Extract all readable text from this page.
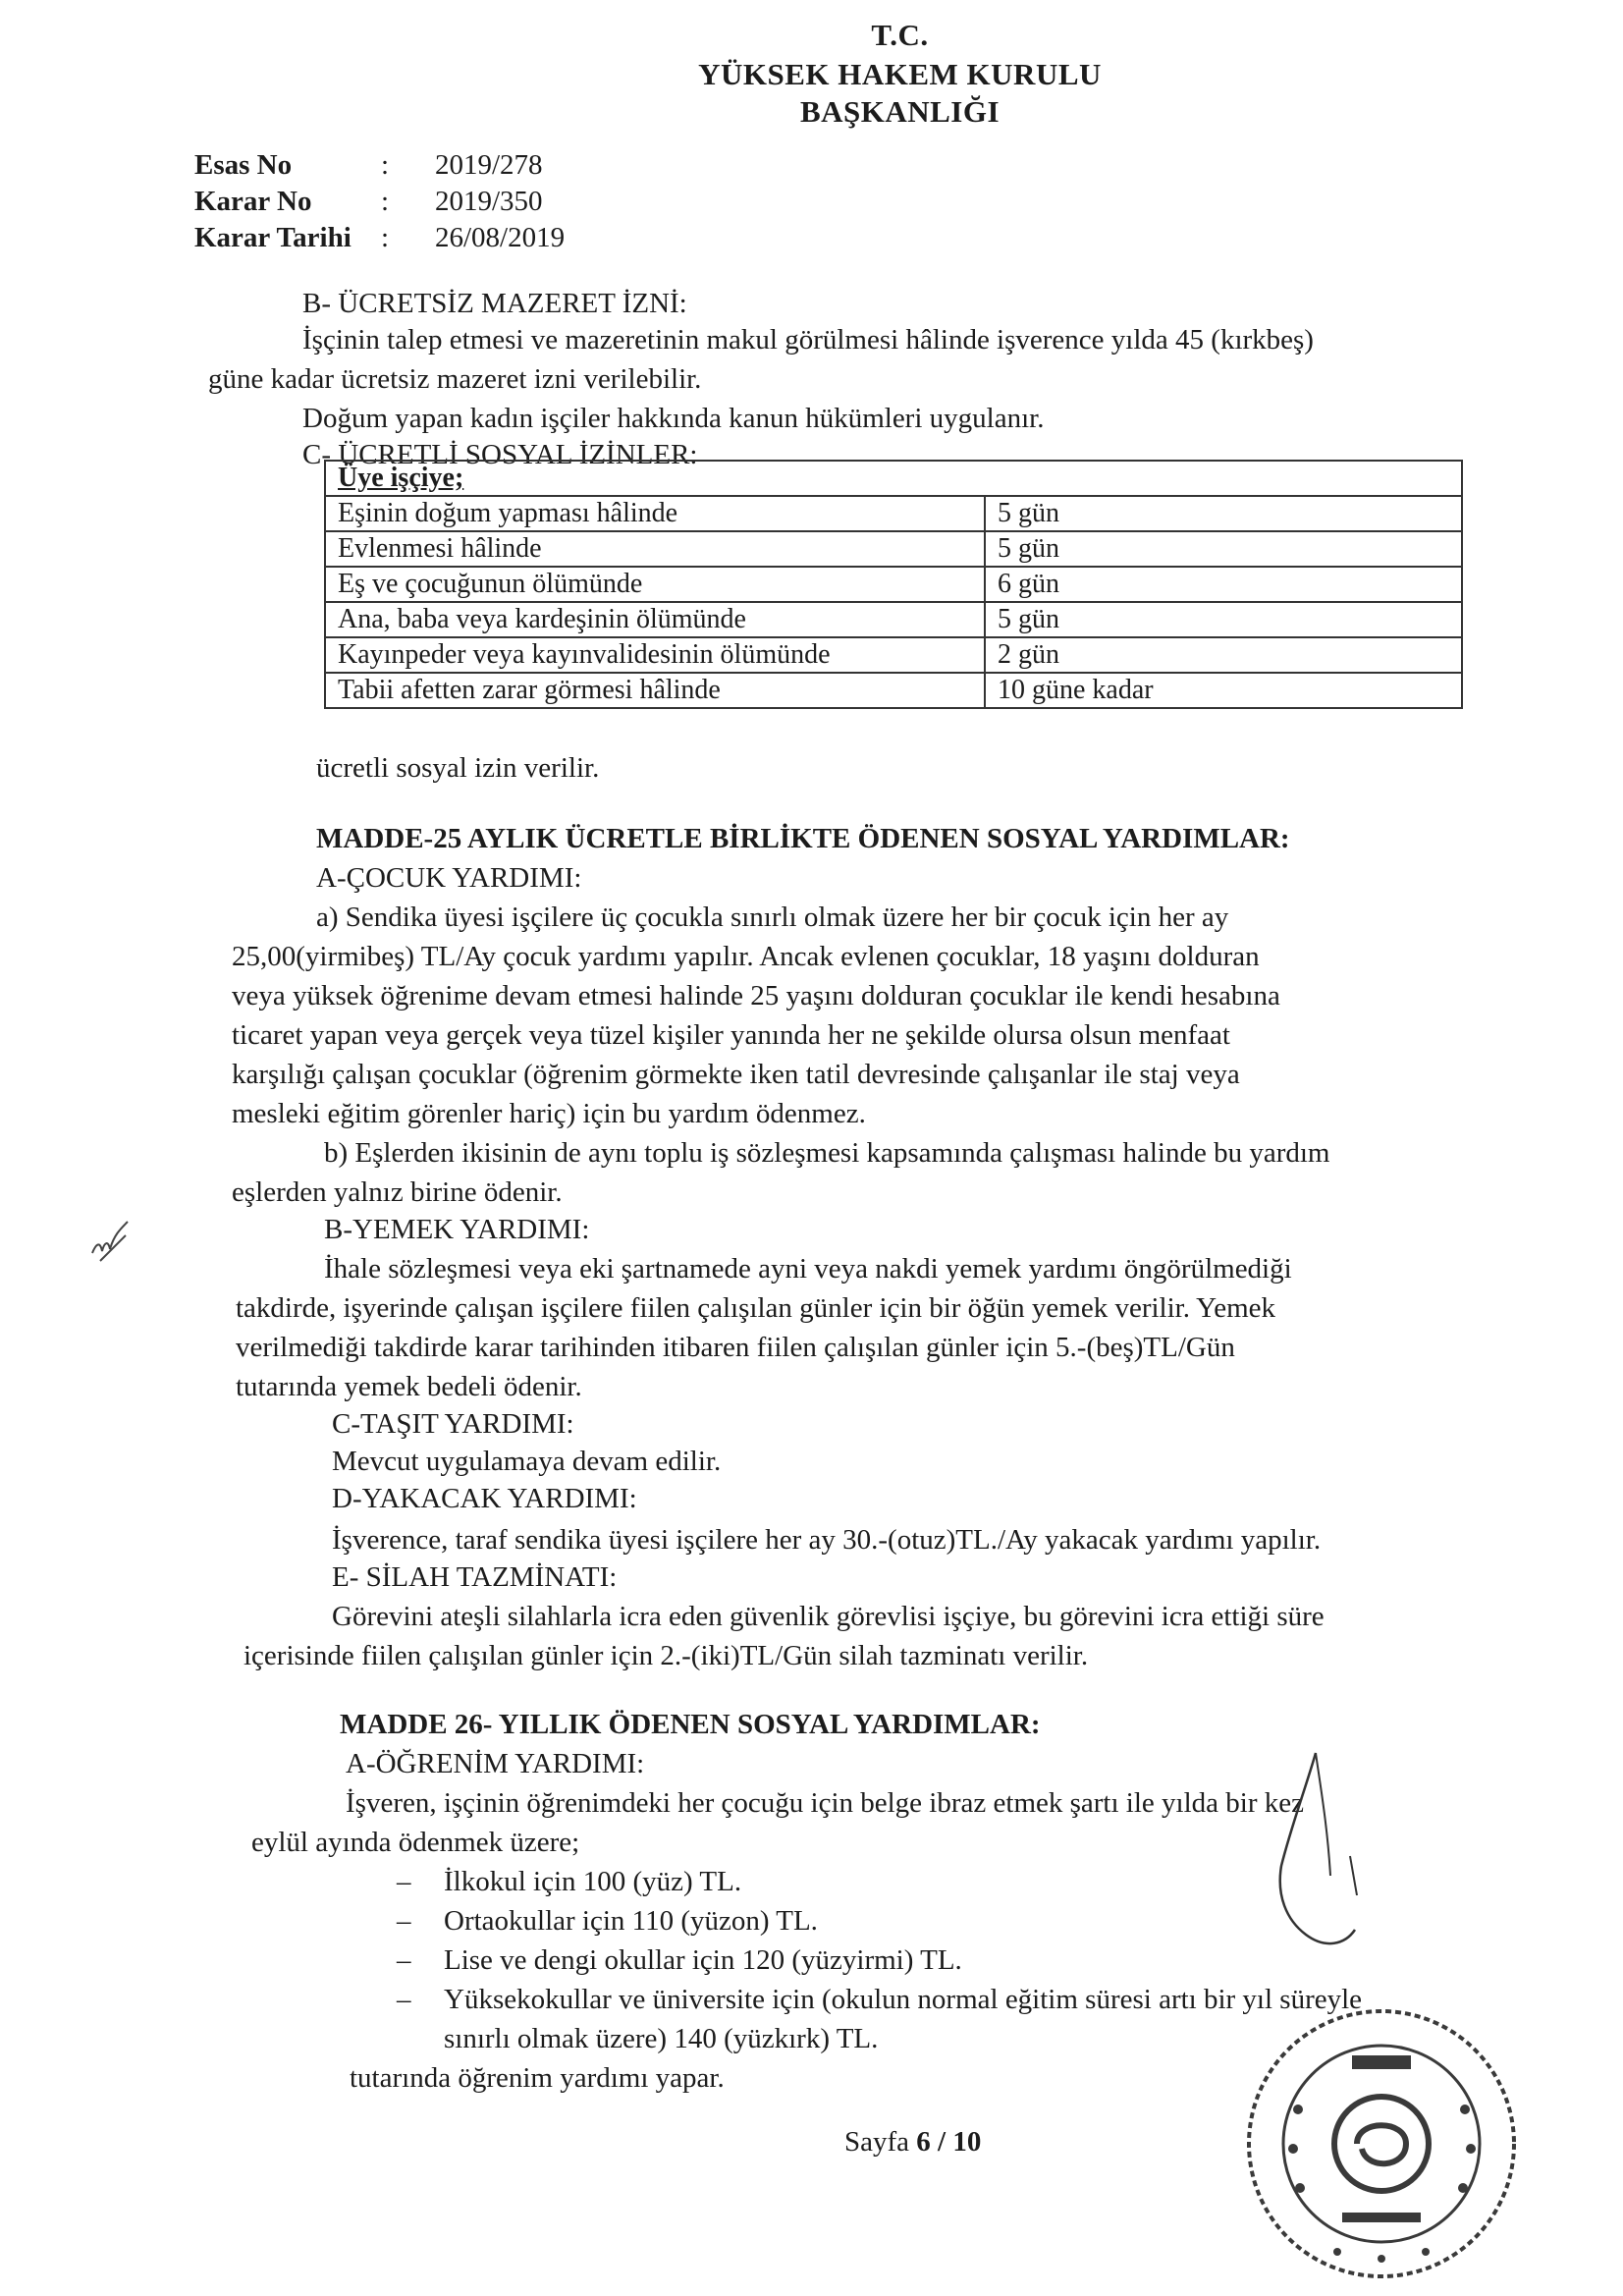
T.C.
YÜKSEK HAKEM KURULU
BAŞKANLIĞI
Esas No	:	2019/278
Karar No	:	2019/350
Karar Tarihi	:	26/08/2019
B- ÜCRETSİZ MAZERET İZNİ:
İşçinin talep etmesi ve mazeretinin makul görülmesi hâlinde işverence yılda 45 (kırkbeş)
güne kadar ücretsiz mazeret izni verilebilir.
Doğum yapan kadın işçiler hakkında kanun hükümleri uygulanır.
C- ÜCRETLİ SOSYAL İZİNLER:
Üye işçiye;	
Eşinin doğum yapması hâlinde	5 gün
Evlenmesi hâlinde	5 gün
Eş ve çocuğunun ölümünde	6 gün
Ana, baba veya kardeşinin ölümünde	5 gün
Kayınpeder veya kayınvalidesinin ölümünde	2 gün
Tabii afetten zarar görmesi hâlinde	10 güne kadar
ücretli sosyal izin verilir.
MADDE-25 AYLIK ÜCRETLE BİRLİKTE ÖDENEN SOSYAL YARDIMLAR:
A-ÇOCUK YARDIMI:
a) Sendika üyesi işçilere üç çocukla sınırlı olmak üzere her bir çocuk için her ay
25,00(yirmibeş) TL/Ay çocuk yardımı yapılır. Ancak evlenen çocuklar, 18 yaşını dolduran
veya yüksek öğrenime devam etmesi halinde 25 yaşını dolduran çocuklar ile kendi hesabına
ticaret yapan veya gerçek veya tüzel kişiler yanında her ne şekilde olursa olsun menfaat
karşılığı çalışan çocuklar (öğrenim görmekte iken tatil devresinde çalışanlar ile staj veya
mesleki eğitim görenler hariç) için bu yardım ödenmez.
b) Eşlerden ikisinin de aynı toplu iş sözleşmesi kapsamında çalışması halinde bu yardım
eşlerden yalnız birine ödenir.
B-YEMEK YARDIMI:
İhale sözleşmesi veya eki şartnamede ayni veya nakdi yemek yardımı öngörülmediği
takdirde, işyerinde çalışan işçilere fiilen çalışılan günler için bir öğün yemek verilir. Yemek
verilmediği takdirde karar tarihinden itibaren fiilen çalışılan günler için 5.-(beş)TL/Gün
tutarında yemek bedeli ödenir.
C-TAŞIT YARDIMI:
Mevcut uygulamaya devam edilir.
D-YAKACAK YARDIMI:
İşverence, taraf sendika üyesi işçilere her ay 30.-(otuz)TL./Ay yakacak yardımı yapılır.
E- SİLAH TAZMİNATI:
Görevini ateşli silahlarla icra eden güvenlik görevlisi işçiye, bu görevini icra ettiği süre
içerisinde fiilen çalışılan günler için 2.-(iki)TL/Gün silah tazminatı verilir.
MADDE 26- YILLIK ÖDENEN SOSYAL YARDIMLAR:
A-ÖĞRENİM YARDIMI:
İşveren, işçinin öğrenimdeki her çocuğu için belge ibraz etmek şartı ile yılda bir kez
eylül ayında ödenmek üzere;
– İlkokul için 100 (yüz) TL.
– Ortaokullar için 110 (yüzon) TL.
– Lise ve dengi okullar için 120 (yüzyirmi) TL.
– Yüksekokullar ve üniversite için (okulun normal eğitim süresi artı bir yıl süreyle
sınırlı olmak üzere) 140 (yüzkırk) TL.
tutarında öğrenim yardımı yapar.
Sayfa 6 / 10
